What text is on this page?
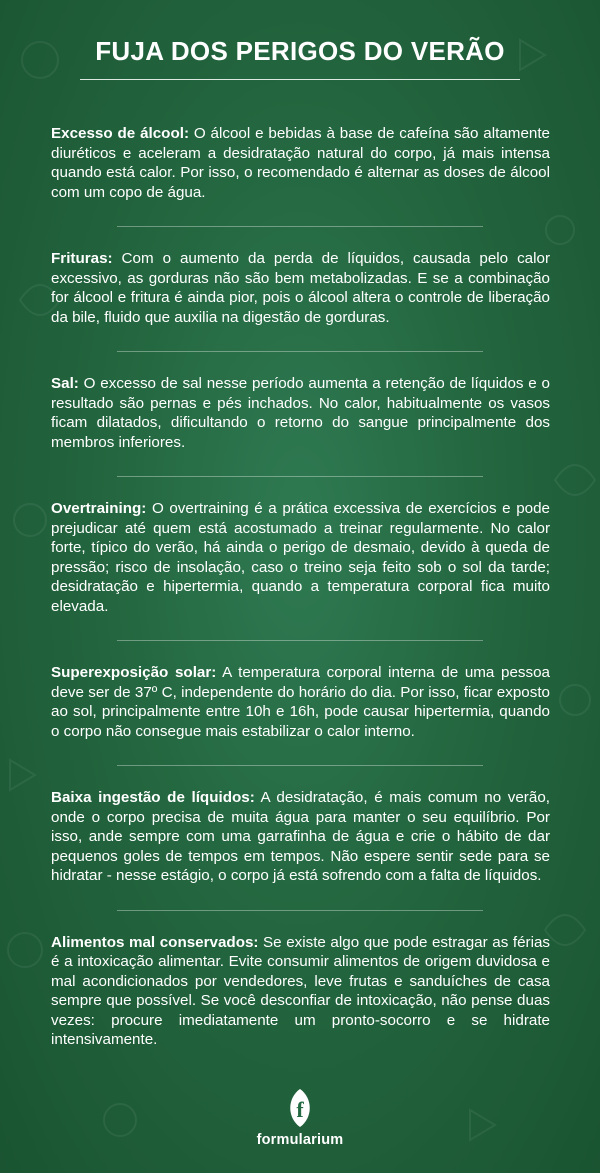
FUJA DOS PERIGOS DO VERÃO

Excesso de álcool: O álcool e bebidas à base de cafeína são altamente diuréticos e aceleram a desidratação natural do corpo, já mais intensa quando está calor. Por isso, o recomendado é alternar as doses de álcool com um copo de água.

Frituras: Com o aumento da perda de líquidos, causada pelo calor excessivo, as gorduras não são bem metabolizadas. E se a combinação for álcool e fritura é ainda pior, pois o álcool altera o controle de liberação da bile, fluido que auxilia na digestão de gorduras.

Sal: O excesso de sal nesse período aumenta a retenção de líquidos e o resultado são pernas e pés inchados. No calor, habitualmente os vasos ficam dilatados, dificultando o retorno do sangue principalmente dos membros inferiores.

Overtraining: O overtraining é a prática excessiva de exercícios e pode prejudicar até quem está acostumado a treinar regularmente. No calor forte, típico do verão, há ainda o perigo de desmaio, devido à queda de pressão; risco de insolação, caso o treino seja feito sob o sol da tarde; desidratação e hipertermia, quando a temperatura corporal fica muito elevada.

Superexposição solar: A temperatura corporal interna de uma pessoa deve ser de 37º C, independente do horário do dia. Por isso, ficar exposto ao sol, principalmente entre 10h e 16h, pode causar hipertermia, quando o corpo não consegue mais estabilizar o calor interno.

Baixa ingestão de líquidos: A desidratação, é mais comum no verão, onde o corpo precisa de muita água para manter o seu equilíbrio. Por isso, ande sempre com uma garrafinha de água e crie o hábito de dar pequenos goles de tempos em tempos. Não espere sentir sede para se hidratar - nesse estágio, o corpo já está sofrendo com a falta de líquidos.

Alimentos mal conservados: Se existe algo que pode estragar as férias é a intoxicação alimentar. Evite consumir alimentos de origem duvidosa e mal acondicionados por vendedores, leve frutas e sanduíches de casa sempre que possível. Se você desconfiar de intoxicação, não pense duas vezes: procure imediatamente um pronto-socorro e se hidrate intensivamente.

f
formularium
